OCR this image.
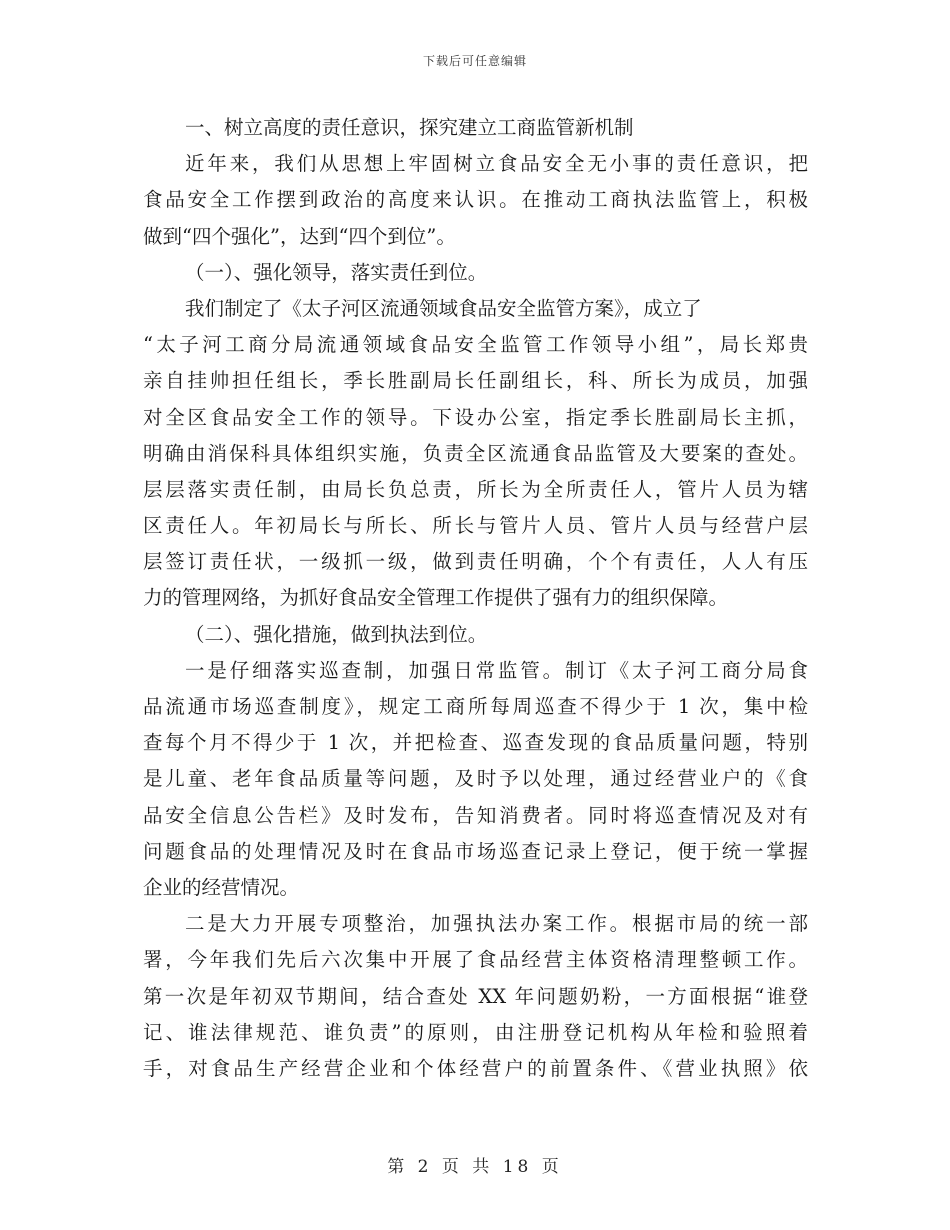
下载后可任意编辑
一、树立高度的责任意识，探究建立工商监管新机制
近年来，我们从思想上牢固树立食品安全无小事的责任意识，把
食品安全工作摆到政治的高度来认识。在推动工商执法监管上，积极
做到“四个强化”，达到“四个到位”。
（一）、强化领导，落实责任到位。
我们制定了《太子河区流通领域食品安全监管方案》，成立了
“太子河工商分局流通领域食品安全监管工作领导小组”，局长郑贵
亲自挂帅担任组长，季长胜副局长任副组长，科、所长为成员，加强
对全区食品安全工作的领导。下设办公室，指定季长胜副局长主抓，
明确由消保科具体组织实施，负责全区流通食品监管及大要案的查处。
层层落实责任制，由局长负总责，所长为全所责任人，管片人员为辖
区责任人。年初局长与所长、所长与管片人员、管片人员与经营户层
层签订责任状，一级抓一级，做到责任明确，个个有责任，人人有压
力的管理网络，为抓好食品安全管理工作提供了强有力的组织保障。
（二）、强化措施，做到执法到位。
一是仔细落实巡查制，加强日常监管。制订《太子河工商分局食
品流通市场巡查制度》，规定工商所每周巡查不得少于 1 次，集中检
查每个月不得少于 1 次，并把检查、巡查发现的食品质量问题，特别
是儿童、老年食品质量等问题，及时予以处理，通过经营业户的《食
品安全信息公告栏》及时发布，告知消费者。同时将巡查情况及对有
问题食品的处理情况及时在食品市场巡查记录上登记，便于统一掌握
企业的经营情况。
二是大力开展专项整治，加强执法办案工作。根据市局的统一部
署，今年我们先后六次集中开展了食品经营主体资格清理整顿工作。
第一次是年初双节期间，结合查处 XX 年问题奶粉，一方面根据“谁登
记、谁法律规范、谁负责”的原则，由注册登记机构从年检和验照着
手，对食品生产经营企业和个体经营户的前置条件、《营业执照》依
第 2 页 共 18 页
